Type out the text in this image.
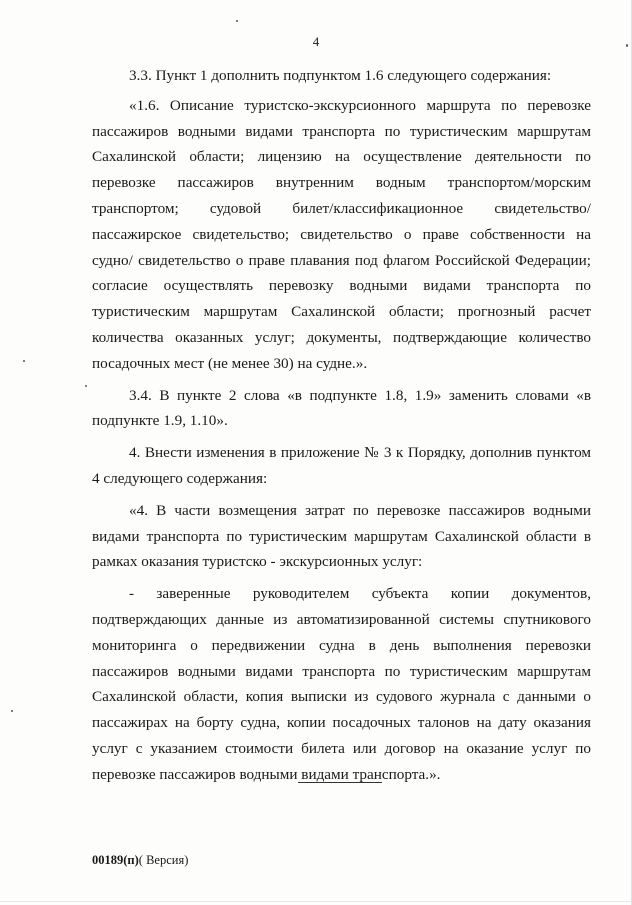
4

3.3. Пункт 1 дополнить подпунктом 1.6 следующего содержания:

«1.6. Описание туристско-экскурсионного маршрута по перевозке пассажиров водными видами транспорта по туристическим маршрутам Сахалинской области; лицензию на осуществление деятельности по перевозке пассажиров внутренним водным транспортом/морским транспортом; судовой билет/классификационное свидетельство/пассажирское свидетельство; свидетельство о праве собственности на судно/ свидетельство о праве плавания под флагом Российской Федерации; согласие осуществлять перевозку водными видами транспорта по туристическим маршрутам Сахалинской области; прогнозный расчет количества оказанных услуг; документы, подтверждающие количество посадочных мест (не менее 30) на судне.».

3.4. В пункте 2 слова «в подпункте 1.8, 1.9» заменить словами «в подпункте 1.9, 1.10».

4. Внести изменения в приложение № 3 к Порядку, дополнив пунктом 4 следующего содержания:

«4. В части возмещения затрат по перевозке пассажиров водными видами транспорта по туристическим маршрутам Сахалинской области в рамках оказания туристско - экскурсионных услуг:

- заверенные руководителем субъекта копии документов, подтверждающих данные из автоматизированной системы спутникового мониторинга о передвижении судна в день выполнения перевозки пассажиров водными видами транспорта по туристическим маршрутам Сахалинской области, копия выписки из судового журнала с данными о пассажирах на борту судна, копии посадочных талонов на дату оказания услуг с указанием стоимости билета или договор на оказание услуг по перевозке пассажиров водными видами транспорта.».

00189(п)( Версия)
